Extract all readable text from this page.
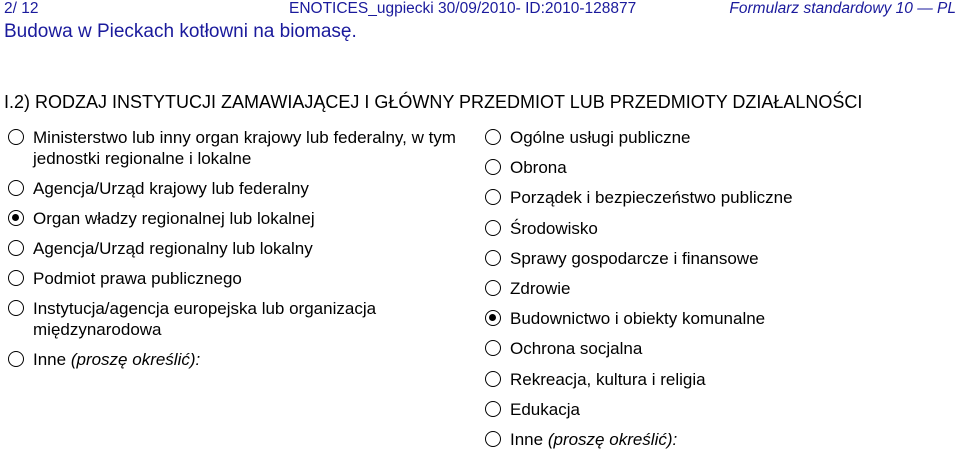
2/ 12	ENOTICES_ugpiecki 30/09/2010- ID:2010-128877	Formularz standardowy 10 — PL
Budowa w Pieckach kotłowni na biomasę.
I.2) RODZAJ INSTYTUCJI ZAMAWIAJĄCEJ I GŁÓWNY PRZEDMIOT LUB PRZEDMIOTY DZIAŁALNOŚCI
Ministerstwo lub inny organ krajowy lub federalny, w tym jednostki regionalne i lokalne
Agencja/Urząd krajowy lub federalny
Organ władzy regionalnej lub lokalnej
Agencja/Urząd regionalny lub lokalny
Podmiot prawa publicznego
Instytucja/agencja europejska lub organizacja międzynarodowa
Inne (proszę określić):
Ogólne usługi publiczne
Obrona
Porządek i bezpieczeństwo publiczne
Środowisko
Sprawy gospodarcze i finansowe
Zdrowie
Budownictwo i obiekty komunalne
Ochrona socjalna
Rekreacja, kultura i religia
Edukacja
Inne (proszę określić):
